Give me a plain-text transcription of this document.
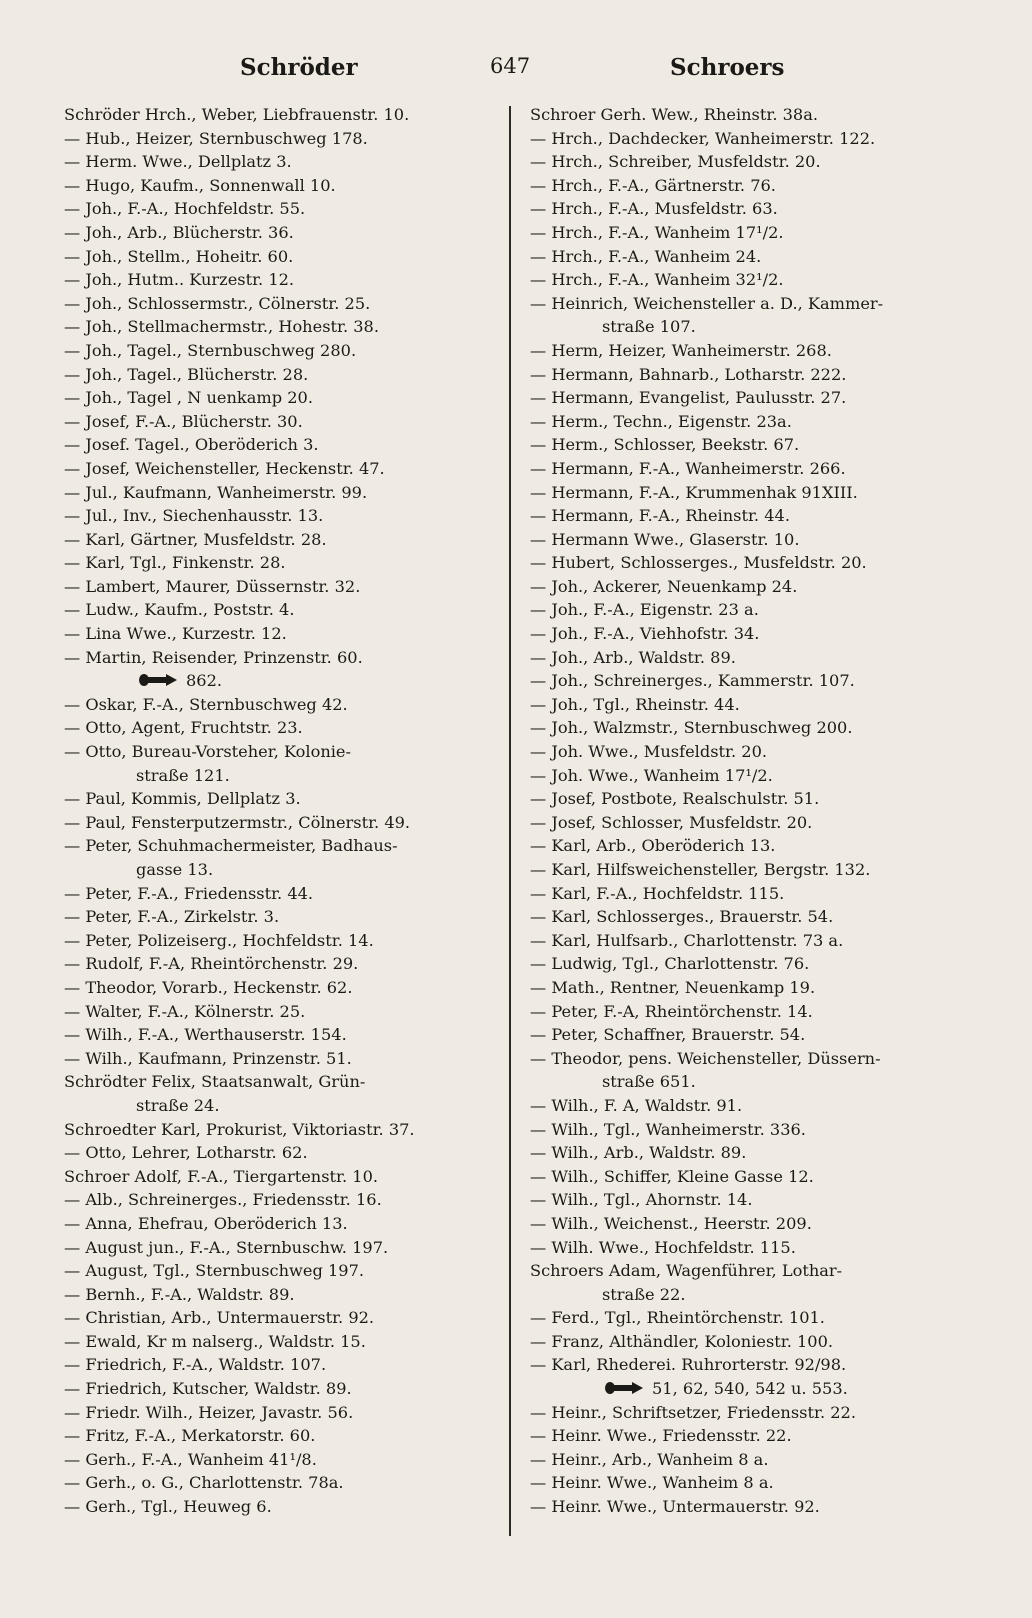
Schröder	647	Schroers
Schröder Hrch., Weber, Liebfrauenstr. 10.
— Hub., Heizer, Sternbuschweg 178.
— Herm. Wwe., Dellplatz 3.
— Hugo, Kaufm., Sonnenwall 10.
— Joh., F.-A., Hochfeldstr. 55.
— Joh., Arb., Blücherstr. 36.
— Joh., Stellm., Hoheitr. 60.
— Joh., Hutm.. Kurzestr. 12.
— Joh., Schlossermstr., Cölnerstr. 25.
— Joh., Stellmachermstr., Hohestr. 38.
— Joh., Tagel., Sternbuschweg 280.
— Joh., Tagel., Blücherstr. 28.
— Joh., Tagel , N uenkamp 20.
— Josef, F.-A., Blücherstr. 30.
— Josef. Tagel., Oberöderich 3.
— Josef, Weichensteller, Heckenstr. 47.
— Jul., Kaufmann, Wanheimerstr. 99.
— Jul., Inv., Siechenhausstr. 13.
— Karl, Gärtner, Musfeldstr. 28.
— Karl, Tgl., Finkenstr. 28.
— Lambert, Maurer, Düssernstr. 32.
— Ludw., Kaufm., Poststr. 4.
— Lina Wwe., Kurzestr. 12.
— Martin, Reisender, Prinzenstr. 60.
862.
— Oskar, F.-A., Sternbuschweg 42.
— Otto, Agent, Fruchtstr. 23.
— Otto, Bureau-Vorsteher, Kolonie-
straße 121.
— Paul, Kommis, Dellplatz 3.
— Paul, Fensterputzermstr., Cölnerstr. 49.
— Peter, Schuhmachermeister, Badhaus-
gasse 13.
— Peter, F.-A., Friedensstr. 44.
— Peter, F.-A., Zirkelstr. 3.
— Peter, Polizeiserg., Hochfeldstr. 14.
— Rudolf, F.-A, Rheintörchenstr. 29.
— Theodor, Vorarb., Heckenstr. 62.
— Walter, F.-A., Kölnerstr. 25.
— Wilh., F.-A., Werthauserstr. 154.
— Wilh., Kaufmann, Prinzenstr. 51.
Schrödter Felix, Staatsanwalt, Grün-
straße 24.
Schroedter Karl, Prokurist, Viktoriastr. 37.
— Otto, Lehrer, Lotharstr. 62.
Schroer Adolf, F.-A., Tiergartenstr. 10.
— Alb., Schreinerges., Friedensstr. 16.
— Anna, Ehefrau, Oberöderich 13.
— August jun., F.-A., Sternbuschw. 197.
— August, Tgl., Sternbuschweg 197.
— Bernh., F.-A., Waldstr. 89.
— Christian, Arb., Untermauerstr. 92.
— Ewald, Kr m nalserg., Waldstr. 15.
— Friedrich, F.-A., Waldstr. 107.
— Friedrich, Kutscher, Waldstr. 89.
— Friedr. Wilh., Heizer, Javastr. 56.
— Fritz, F.-A., Merkatorstr. 60.
— Gerh., F.-A., Wanheim 41¹/8.
— Gerh., o. G., Charlottenstr. 78a.
— Gerh., Tgl., Heuweg 6.
Schroer Gerh. Wew., Rheinstr. 38a.
— Hrch., Dachdecker, Wanheimerstr. 122.
— Hrch., Schreiber, Musfeldstr. 20.
— Hrch., F.-A., Gärtnerstr. 76.
— Hrch., F.-A., Musfeldstr. 63.
— Hrch., F.-A., Wanheim 17¹/2.
— Hrch., F.-A., Wanheim 24.
— Hrch., F.-A., Wanheim 32¹/2.
— Heinrich, Weichensteller a. D., Kammer-
straße 107.
— Herm, Heizer, Wanheimerstr. 268.
— Hermann, Bahnarb., Lotharstr. 222.
— Hermann, Evangelist, Paulusstr. 27.
— Herm., Techn., Eigenstr. 23a.
— Herm., Schlosser, Beekstr. 67.
— Hermann, F.-A., Wanheimerstr. 266.
— Hermann, F.-A., Krummenhak 91XIII.
— Hermann, F.-A., Rheinstr. 44.
— Hermann Wwe., Glaserstr. 10.
— Hubert, Schlosserges., Musfeldstr. 20.
— Joh., Ackerer, Neuenkamp 24.
— Joh., F.-A., Eigenstr. 23 a.
— Joh., F.-A., Viehhofstr. 34.
— Joh., Arb., Waldstr. 89.
— Joh., Schreinerges., Kammerstr. 107.
— Joh., Tgl., Rheinstr. 44.
— Joh., Walzmstr., Sternbuschweg 200.
— Joh. Wwe., Musfeldstr. 20.
— Joh. Wwe., Wanheim 17¹/2.
— Josef, Postbote, Realschulstr. 51.
— Josef, Schlosser, Musfeldstr. 20.
— Karl, Arb., Oberöderich 13.
— Karl, Hilfsweichensteller, Bergstr. 132.
— Karl, F.-A., Hochfeldstr. 115.
— Karl, Schlosserges., Brauerstr. 54.
— Karl, Hulfsarb., Charlottenstr. 73 a.
— Ludwig, Tgl., Charlottenstr. 76.
— Math., Rentner, Neuenkamp 19.
— Peter, F.-A, Rheintörchenstr. 14.
— Peter, Schaffner, Brauerstr. 54.
— Theodor, pens. Weichensteller, Düssern-
straße 651.
— Wilh., F. A, Waldstr. 91.
— Wilh., Tgl., Wanheimerstr. 336.
— Wilh., Arb., Waldstr. 89.
— Wilh., Schiffer, Kleine Gasse 12.
— Wilh., Tgl., Ahornstr. 14.
— Wilh., Weichenst., Heerstr. 209.
— Wilh. Wwe., Hochfeldstr. 115.
Schroers Adam, Wagenführer, Lothar-
straße 22.
— Ferd., Tgl., Rheintörchenstr. 101.
— Franz, Althändler, Koloniestr. 100.
— Karl, Rhederei. Ruhrorterstr. 92/98.
51, 62, 540, 542 u. 553.
— Heinr., Schriftsetzer, Friedensstr. 22.
— Heinr. Wwe., Friedensstr. 22.
— Heinr., Arb., Wanheim 8 a.
— Heinr. Wwe., Wanheim 8 a.
— Heinr. Wwe., Untermauerstr. 92.
